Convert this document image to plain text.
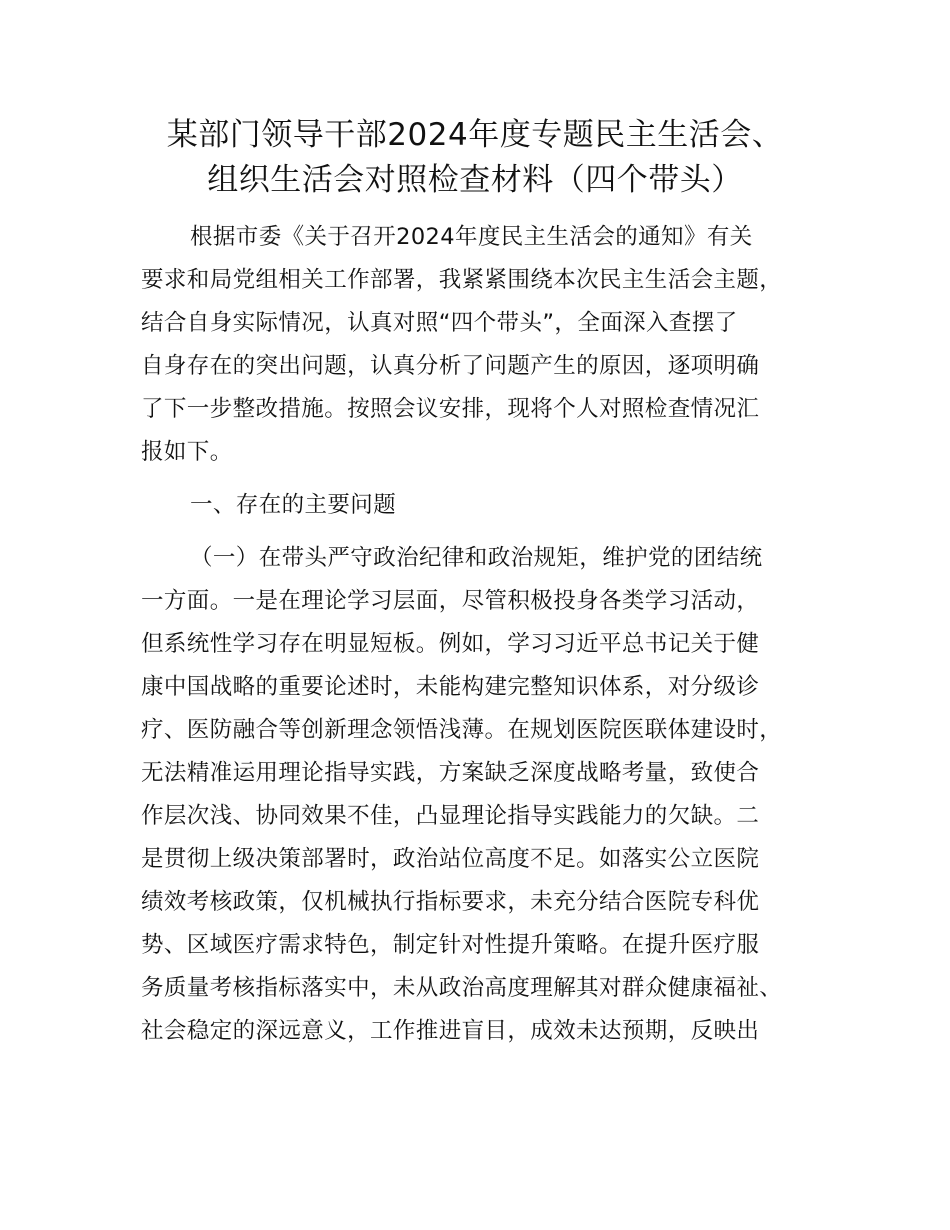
某部门领导干部2024年度专题民主生活会、
组织生活会对照检查材料（四个带头）
根据市委《关于召开2024年度民主生活会的通知》有关
要求和局党组相关工作部署，我紧紧围绕本次民主生活会主题，
结合自身实际情况，认真对照“四个带头”，全面深入查摆了
自身存在的突出问题，认真分析了问题产生的原因，逐项明确
了下一步整改措施。按照会议安排，现将个人对照检查情况汇
报如下。
一、存在的主要问题
（一）在带头严守政治纪律和政治规矩，维护党的团结统
一方面。一是在理论学习层面，尽管积极投身各类学习活动，
但系统性学习存在明显短板。例如，学习习近平总书记关于健
康中国战略的重要论述时，未能构建完整知识体系，对分级诊
疗、医防融合等创新理念领悟浅薄。在规划医院医联体建设时，
无法精准运用理论指导实践，方案缺乏深度战略考量，致使合
作层次浅、协同效果不佳，凸显理论指导实践能力的欠缺。二
是贯彻上级决策部署时，政治站位高度不足。如落实公立医院
绩效考核政策，仅机械执行指标要求，未充分结合医院专科优
势、区域医疗需求特色，制定针对性提升策略。在提升医疗服
务质量考核指标落实中，未从政治高度理解其对群众健康福祉、
社会稳定的深远意义，工作推进盲目，成效未达预期，反映出
